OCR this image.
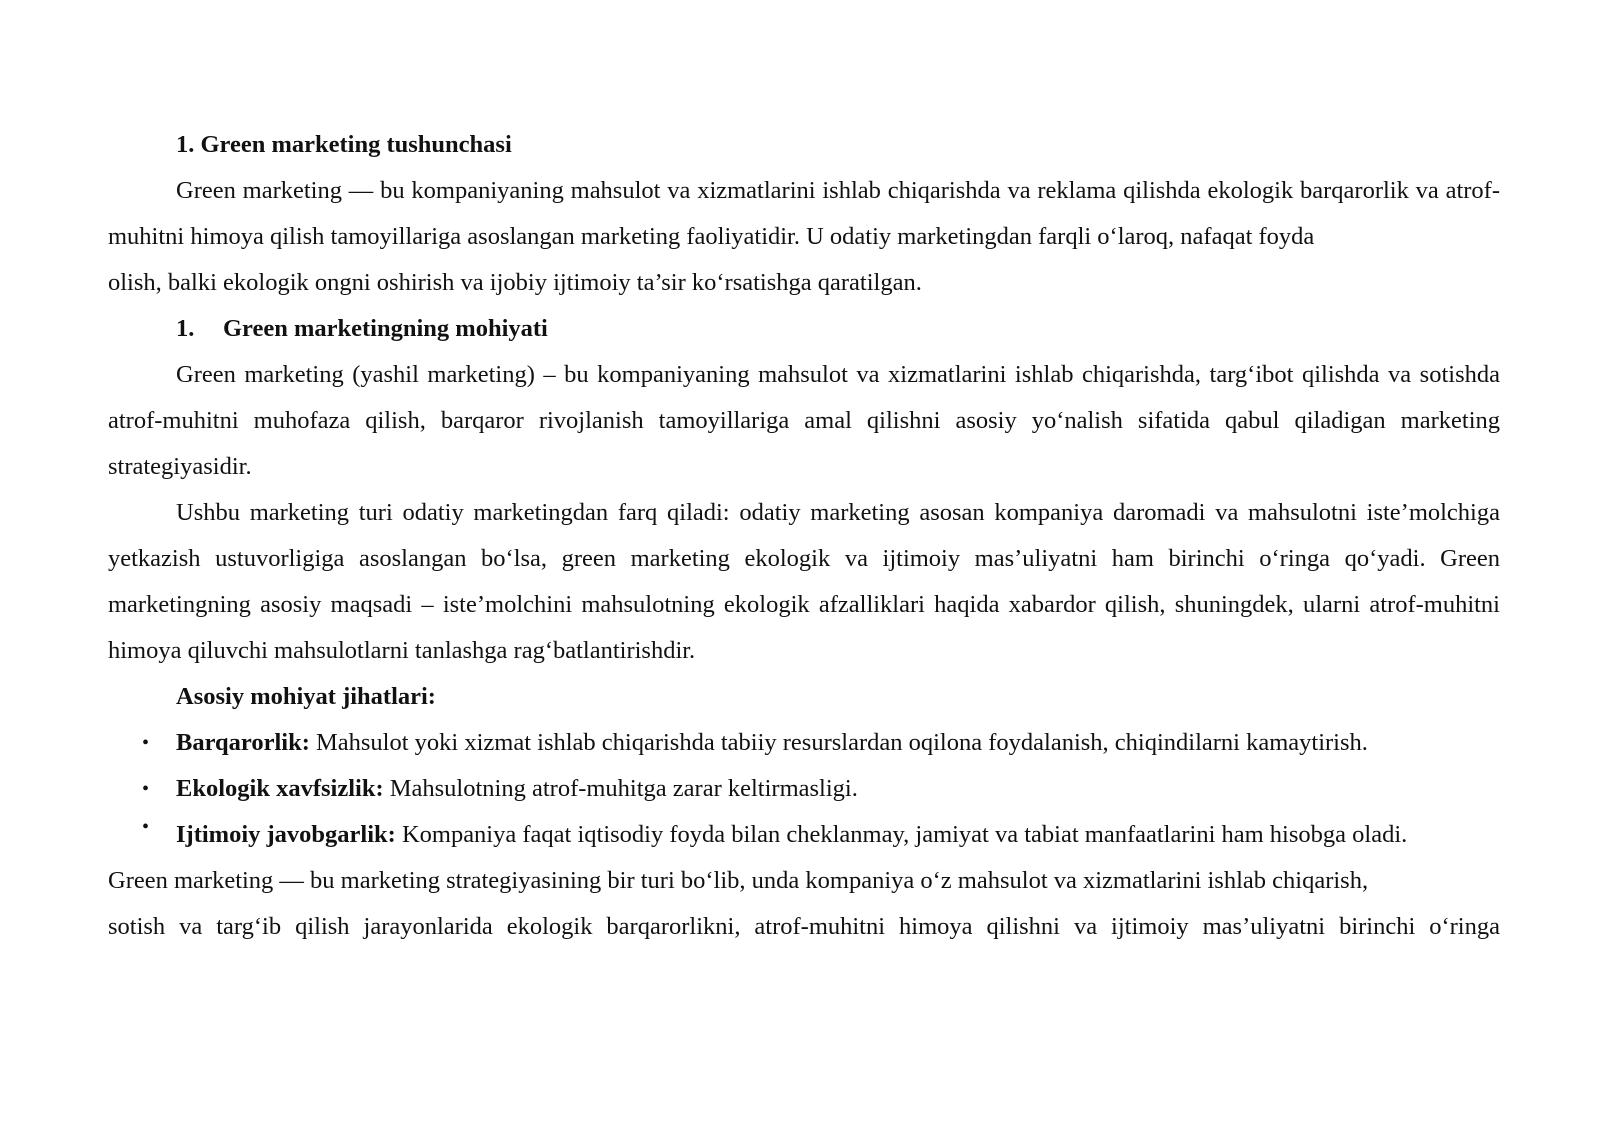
1. Green marketing tushunchasi

Green marketing — bu kompaniyaning mahsulot va xizmatlarini ishlab chiqarishda va reklama qilishda ekologik barqarorlik va atrof-muhitni himoya qilish tamoyillariga asoslangan marketing faoliyatidir. U odatiy marketingdan farqli oʻlaroq, nafaqat foyda

olish, balki ekologik ongni oshirish va ijobiy ijtimoiy ta’sir koʻrsatishga qaratilgan.

1. Green marketingning mohiyati

Green marketing (yashil marketing) – bu kompaniyaning mahsulot va xizmatlarini ishlab chiqarishda, targʻibot qilishda va sotishda atrof-muhitni muhofaza qilish, barqaror rivojlanish tamoyillariga amal qilishni asosiy yoʻnalish sifatida qabul qiladigan marketing strategiyasidir.

Ushbu marketing turi odatiy marketingdan farq qiladi: odatiy marketing asosan kompaniya daromadi va mahsulotni iste’molchiga yetkazish ustuvorligiga asoslangan boʻlsa, green marketing ekologik va ijtimoiy mas’uliyatni ham birinchi oʻringa qoʻyadi. Green marketingning asosiy maqsadi – iste’molchini mahsulotning ekologik afzalliklari haqida xabardor qilish, shuningdek, ularni atrof-muhitni himoya qiluvchi mahsulotlarni tanlashga ragʻbatlantirishdir.

Asosiy mohiyat jihatlari:

• Barqarorlik: Mahsulot yoki xizmat ishlab chiqarishda tabiiy resurslardan oqilona foydalanish, chiqindilarni kamaytirish.
• Ekologik xavfsizlik: Mahsulotning atrof-muhitga zarar keltirmasligi.
• Ijtimoiy javobgarlik: Kompaniya faqat iqtisodiy foyda bilan cheklanmay, jamiyat va tabiat manfaatlarini ham hisobga oladi.

Green marketing — bu marketing strategiyasining bir turi boʻlib, unda kompaniya oʻz mahsulot va xizmatlarini ishlab chiqarish,

sotish va targʻib qilish jarayonlarida ekologik barqarorlikni, atrof-muhitni himoya qilishni va ijtimoiy mas’uliyatni birinchi oʻringa
